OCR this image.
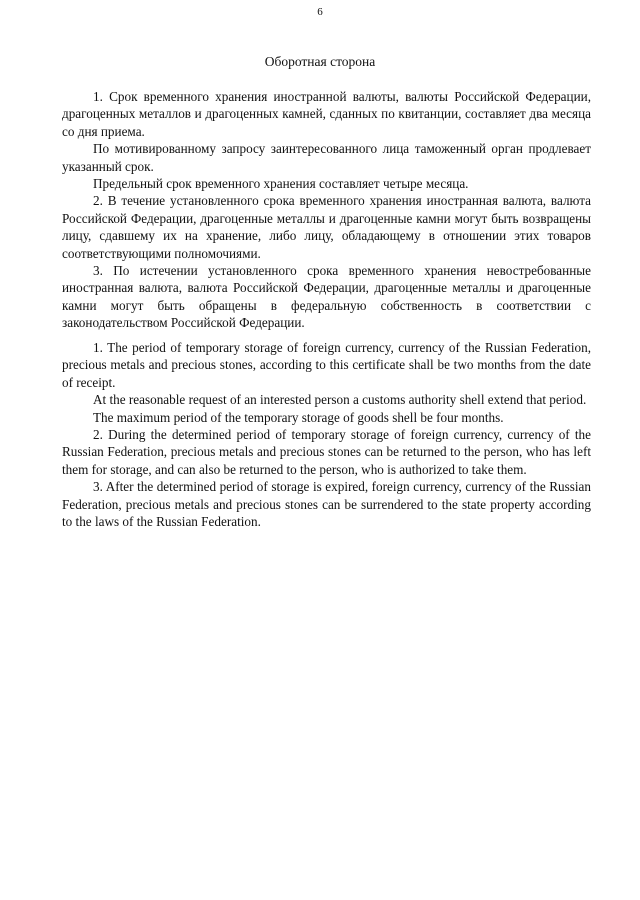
6
Оборотная сторона

1. Срок временного хранения иностранной валюты, валюты Российской Федерации, драгоценных металлов и драгоценных камней, сданных по квитанции, составляет два месяца со дня приема.

По мотивированному запросу заинтересованного лица таможенный орган продлевает указанный срок.

Предельный срок временного хранения составляет четыре месяца.

2. В течение установленного срока временного хранения иностранная валюта, валюта Российской Федерации, драгоценные металлы и драгоценные камни могут быть возвращены лицу, сдавшему их на хранение, либо лицу, обладающему в отношении этих товаров соответствующими полномочиями.

3. По истечении установленного срока временного хранения невостребованные иностранная валюта, валюта Российской Федерации, драгоценные металлы и драгоценные камни могут быть обращены в федеральную собственность в соответствии с законодательством Российской Федерации.

1. The period of temporary storage of foreign currency, currency of the Russian Federation, precious metals and precious stones, according to this certificate shall be two months from the date of receipt.

At the reasonable request of an interested person a customs authority shell extend that period.

The maximum period of the temporary storage of goods shell be four months.

2. During the determined period of temporary storage of foreign currency, currency of the Russian Federation, precious metals and precious stones can be returned to the person, who has left them for storage, and can also be returned to the person, who is authorized to take them.

3. After the determined period of storage is expired, foreign currency, currency of the Russian Federation, precious metals and precious stones can be surrendered to the state property according to the laws of the Russian Federation.
